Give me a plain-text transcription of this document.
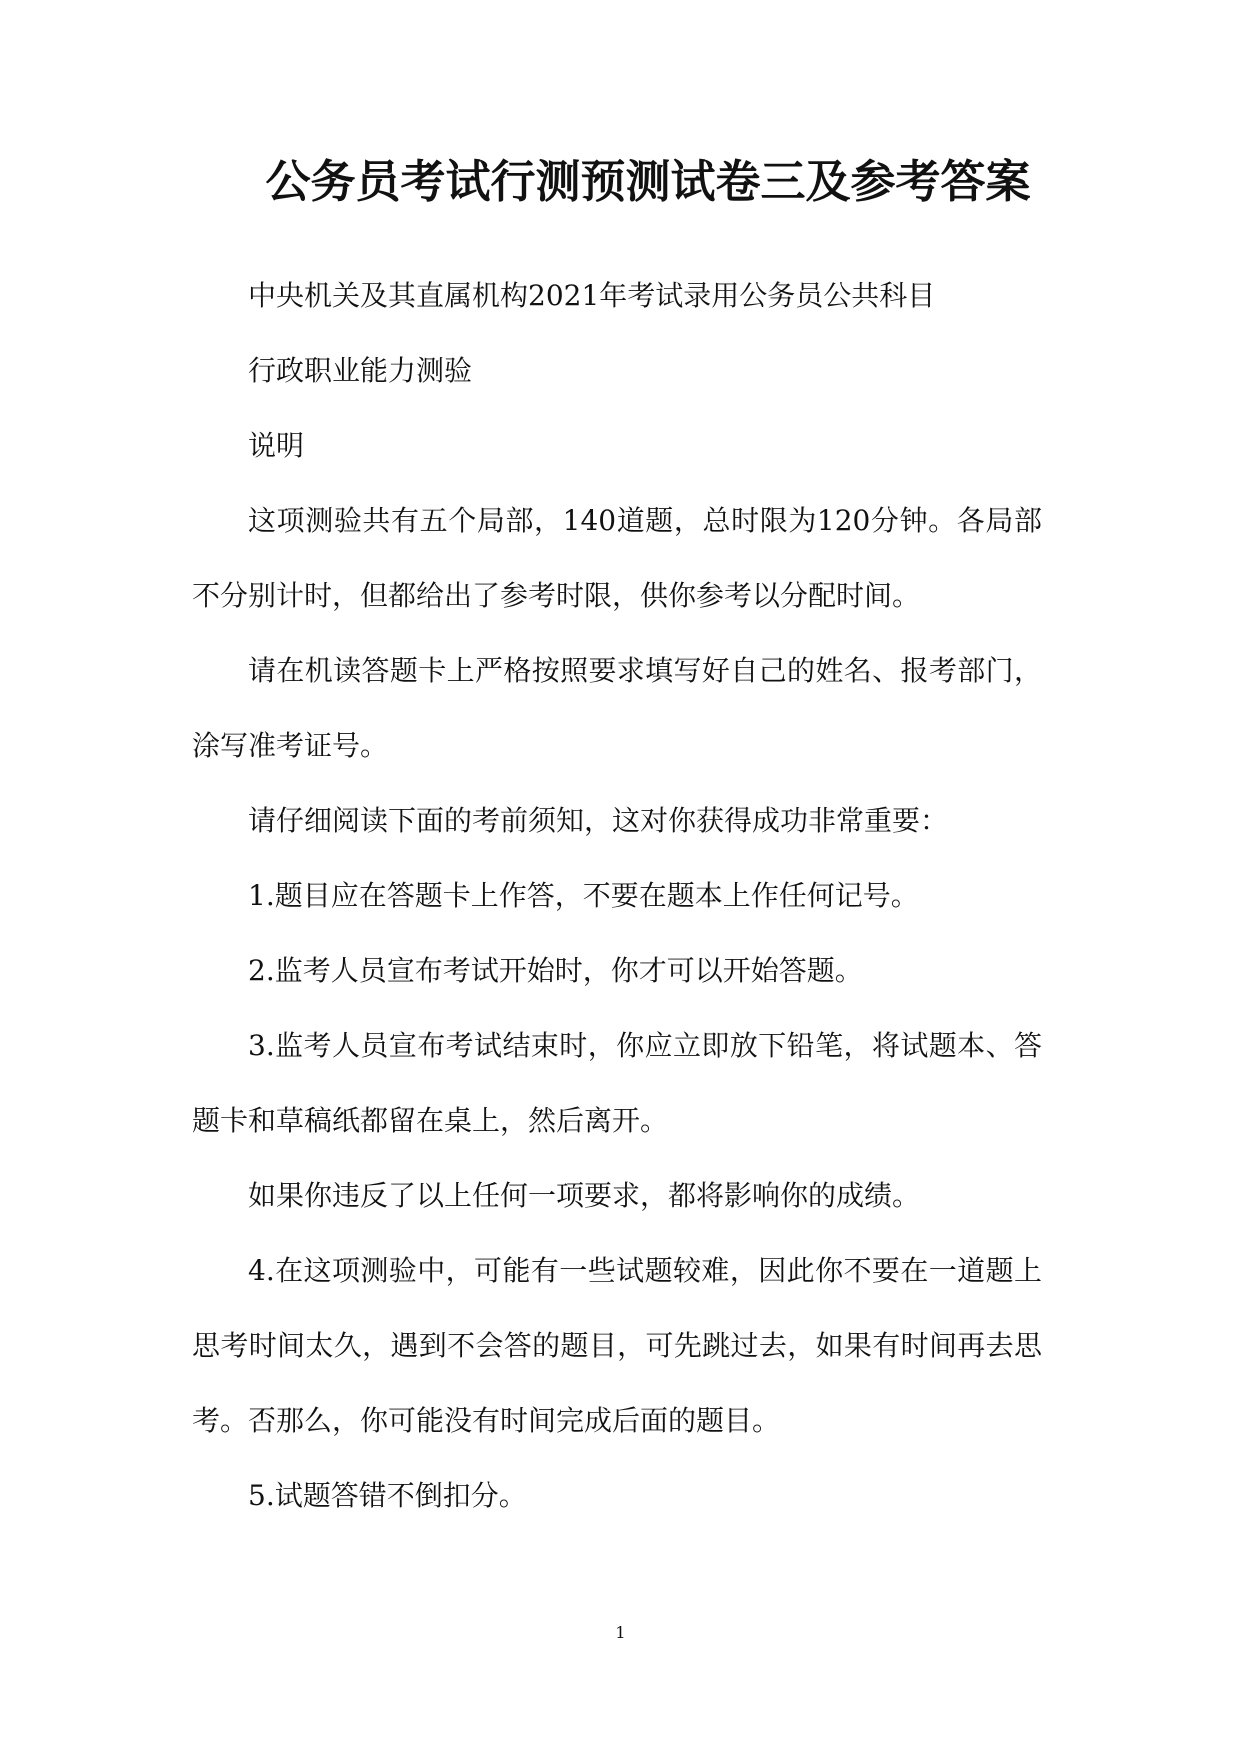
公务员考试行测预测试卷三及参考答案

中央机关及其直属机构2021年考试录用公务员公共科目

行政职业能力测验

说明

这项测验共有五个局部，140道题，总时限为120分钟。各局部不分别计时，但都给出了参考时限，供你参考以分配时间。

请在机读答题卡上严格按照要求填写好自己的姓名、报考部门，涂写准考证号。

请仔细阅读下面的考前须知，这对你获得成功非常重要：

1.题目应在答题卡上作答，不要在题本上作任何记号。

2.监考人员宣布考试开始时，你才可以开始答题。

3.监考人员宣布考试结束时，你应立即放下铅笔，将试题本、答题卡和草稿纸都留在桌上，然后离开。

如果你违反了以上任何一项要求，都将影响你的成绩。

4.在这项测验中，可能有一些试题较难，因此你不要在一道题上思考时间太久，遇到不会答的题目，可先跳过去，如果有时间再去思考。否那么，你可能没有时间完成后面的题目。

5.试题答错不倒扣分。

1
